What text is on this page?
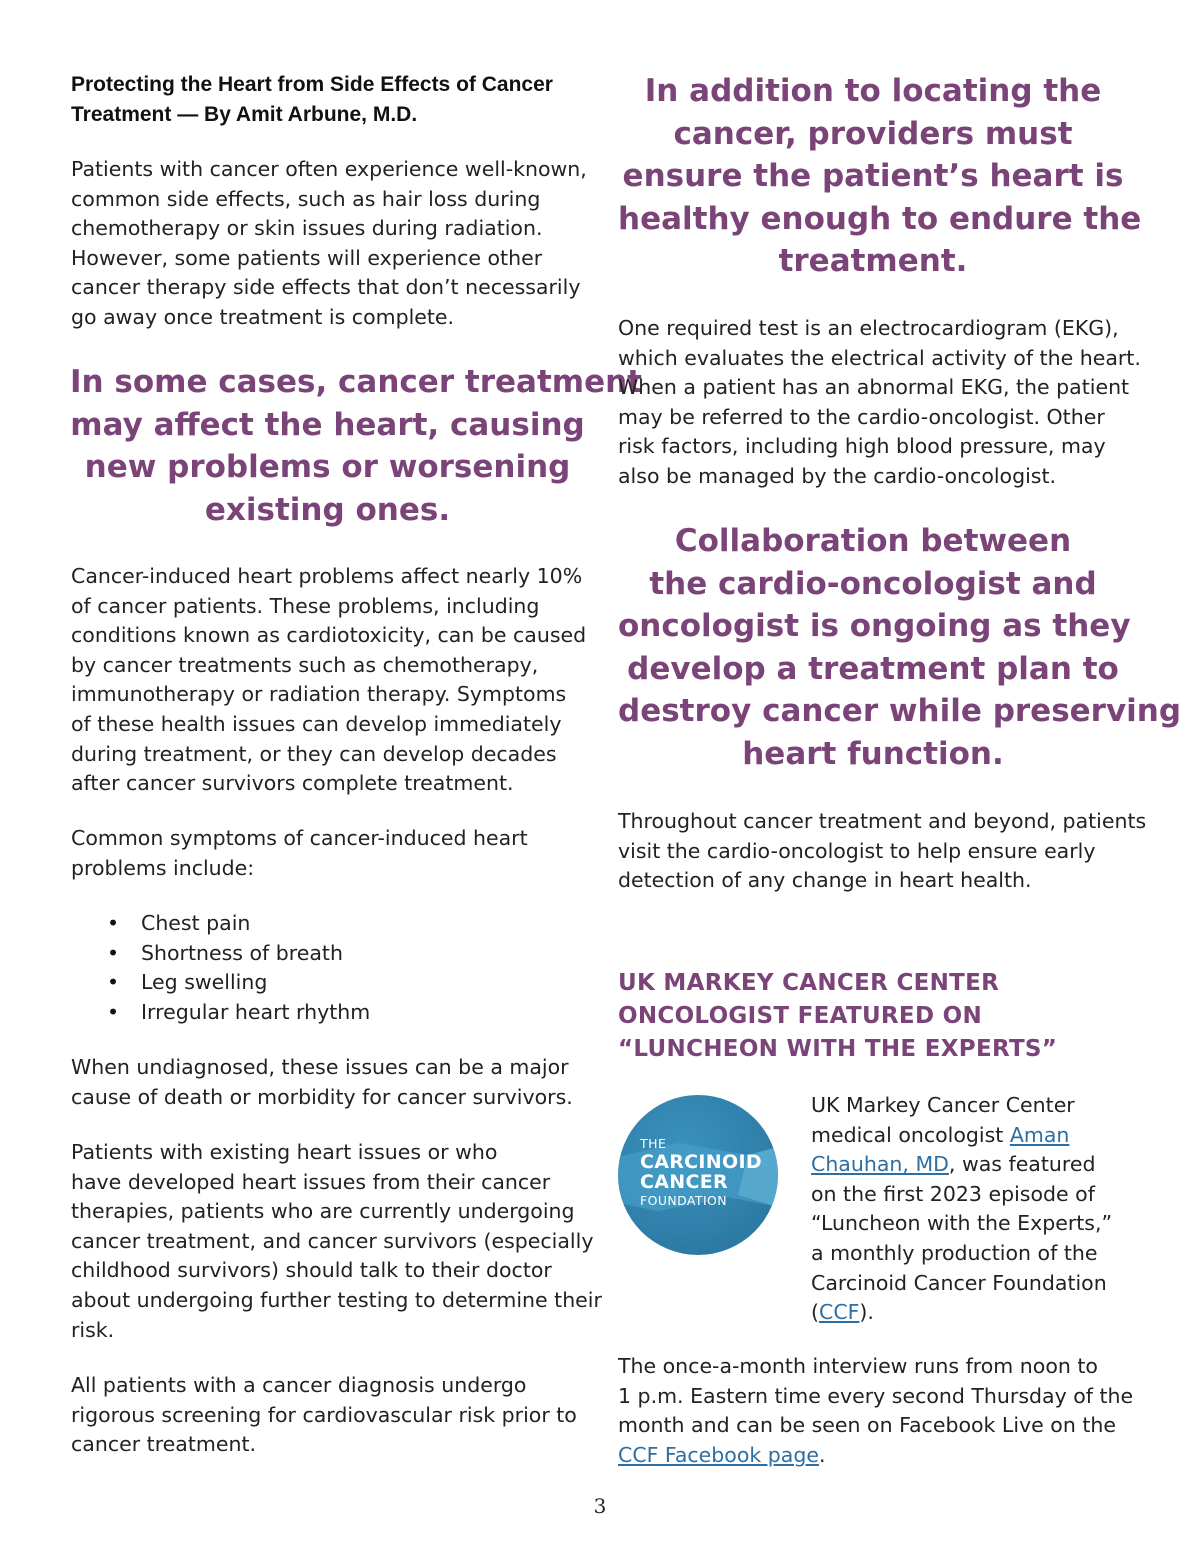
Protecting the Heart from Side Effects of Cancer
Treatment — By Amit Arbune, M.D.

Patients with cancer often experience well-known,
common side effects, such as hair loss during
chemotherapy or skin issues during radiation.
However, some patients will experience other
cancer therapy side effects that don’t necessarily
go away once treatment is complete.

In some cases, cancer treatment
may affect the heart, causing
new problems or worsening
existing ones.

Cancer-induced heart problems affect nearly 10%
of cancer patients. These problems, including
conditions known as cardiotoxicity, can be caused
by cancer treatments such as chemotherapy,
immunotherapy or radiation therapy. Symptoms
of these health issues can develop immediately
during treatment, or they can develop decades
after cancer survivors complete treatment.

Common symptoms of cancer-induced heart
problems include:

• Chest pain
• Shortness of breath
• Leg swelling
• Irregular heart rhythm

When undiagnosed, these issues can be a major
cause of death or morbidity for cancer survivors.

Patients with existing heart issues or who
have developed heart issues from their cancer
therapies, patients who are currently undergoing
cancer treatment, and cancer survivors (especially
childhood survivors) should talk to their doctor
about undergoing further testing to determine their
risk.

All patients with a cancer diagnosis undergo
rigorous screening for cardiovascular risk prior to
cancer treatment.

In addition to locating the
cancer, providers must
ensure the patient’s heart is
healthy enough to endure the
treatment.

One required test is an electrocardiogram (EKG),
which evaluates the electrical activity of the heart.
When a patient has an abnormal EKG, the patient
may be referred to the cardio-oncologist. Other
risk factors, including high blood pressure, may
also be managed by the cardio-oncologist.

Collaboration between
the cardio-oncologist and
oncologist is ongoing as they
develop a treatment plan to
destroy cancer while preserving
heart function.

Throughout cancer treatment and beyond, patients
visit the cardio-oncologist to help ensure early
detection of any change in heart health.

UK MARKEY CANCER CENTER
ONCOLOGIST FEATURED ON
“LUNCHEON WITH THE EXPERTS”
THE
CARCINOID
CANCER
FOUNDATION

UK Markey Cancer Center
medical oncologist Aman
Chauhan, MD, was featured
on the first 2023 episode of
“Luncheon with the Experts,”
a monthly production of the
Carcinoid Cancer Foundation
(CCF).

The once-a-month interview runs from noon to
1 p.m. Eastern time every second Thursday of the
month and can be seen on Facebook Live on the
CCF Facebook page.

3
